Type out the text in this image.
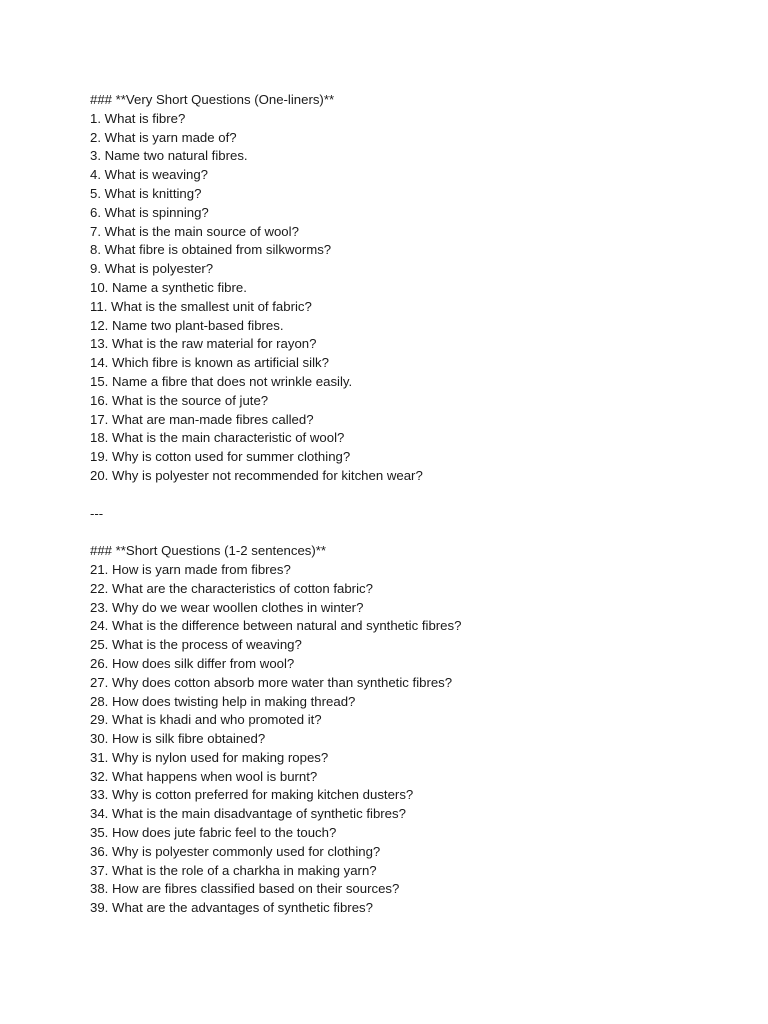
### **Very Short Questions (One-liners)**
1. What is fibre?
2. What is yarn made of?
3. Name two natural fibres.
4. What is weaving?
5. What is knitting?
6. What is spinning?
7. What is the main source of wool?
8. What fibre is obtained from silkworms?
9. What is polyester?
10. Name a synthetic fibre.
11. What is the smallest unit of fabric?
12. Name two plant-based fibres.
13. What is the raw material for rayon?
14. Which fibre is known as artificial silk?
15. Name a fibre that does not wrinkle easily.
16. What is the source of jute?
17. What are man-made fibres called?
18. What is the main characteristic of wool?
19. Why is cotton used for summer clothing?
20. Why is polyester not recommended for kitchen wear?
---
### **Short Questions (1-2 sentences)**
21. How is yarn made from fibres?
22. What are the characteristics of cotton fabric?
23. Why do we wear woollen clothes in winter?
24. What is the difference between natural and synthetic fibres?
25. What is the process of weaving?
26. How does silk differ from wool?
27. Why does cotton absorb more water than synthetic fibres?
28. How does twisting help in making thread?
29. What is khadi and who promoted it?
30. How is silk fibre obtained?
31. Why is nylon used for making ropes?
32. What happens when wool is burnt?
33. Why is cotton preferred for making kitchen dusters?
34. What is the main disadvantage of synthetic fibres?
35. How does jute fabric feel to the touch?
36. Why is polyester commonly used for clothing?
37. What is the role of a charkha in making yarn?
38. How are fibres classified based on their sources?
39. What are the advantages of synthetic fibres?
